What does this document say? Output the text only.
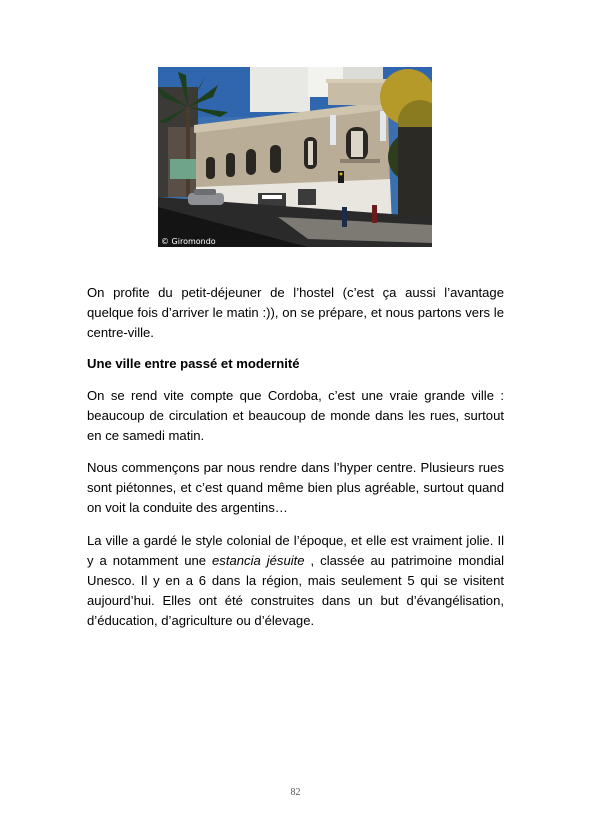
© Giromondo

On profite du petit-déjeuner de l’hostel (c’est ça aussi l’avantage quelque fois d’arriver le matin :)), on se prépare, et nous partons vers le centre-ville.

Une ville entre passé et modernité

On se rend vite compte que Cordoba, c’est une vraie grande ville : beaucoup de circulation et beaucoup de monde dans les rues, surtout en ce samedi matin.

Nous commençons par nous rendre dans l’hyper centre. Plusieurs rues sont piétonnes, et c’est quand même bien plus agréable, surtout quand on voit la conduite des argentins…

La ville a gardé le style colonial de l’époque, et elle est vraiment jolie. Il y a notamment une estancia jésuite , classée au patrimoine mondial Unesco. Il y en a 6 dans la région, mais seulement 5 qui se visitent aujourd’hui. Elles ont été construites dans un but d’évangélisation, d’éducation, d’agriculture ou d’élevage.

82
